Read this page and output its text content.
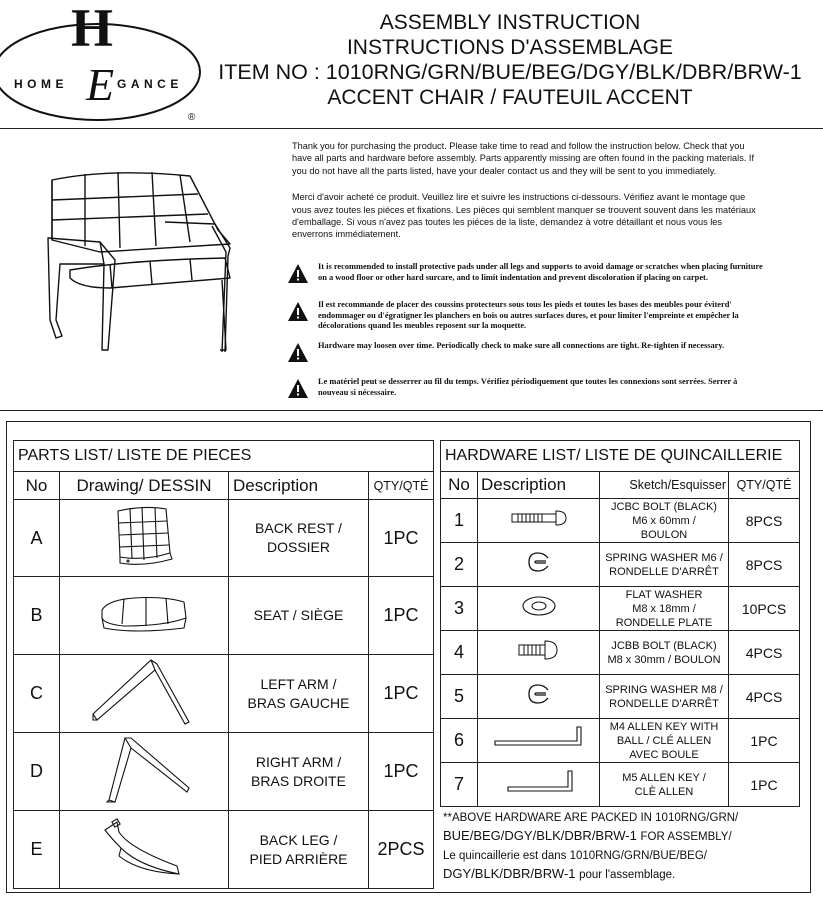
H
E
HOME	GANCE
®
ASSEMBLY INSTRUCTION
INSTRUCTIONS D'ASSEMBLAGE
ITEM NO : 1010RNG/GRN/BUE/BEG/DGY/BLK/DBR/BRW-1
ACCENT CHAIR / FAUTEUIL ACCENT

Thank you for purchasing the product. Please take time to read and follow the instruction below. Check that you have all parts and hardware before assembly. Parts apparently missing are often found in the packing materials. If you do not have all the parts listed, have your dealer contact us and they will be sent to you immediately.

Merci d'avoir acheté ce produit. Veuillez lire et suivre les instructions ci-dessours. Vérifiez avant le montage que vous avez toutes les piéces et fixations. Les pièces qui semblent manquer se trouvent souvent dans les matériaux d'emballage. Si vous n'avez pas toutes les piéces de la liste, demandez à votre détaillant et nous vous les enverrons immédiatement.

It is recommended to install protective pads under all legs and supports to avoid damage or scratches when placing furniture on a wood floor or other hard surcare, and to limit indentation and prevent discoloration if placing on carpet.
Il est recommande de placer des coussins protecteurs sous tous les pieds et toutes les bases des meubles pour éviterd' endommager ou d'égratigner les planchers en bois ou autres surfaces dures, et pour limiter l'empreinte et empêcher la décolorations quand les meubles reposent sur la moquette.
Hardware may loosen over time. Periodically check to make sure all connections are tight. Re-tighten if necessary.
Le matériel peut se desserrer au fil du temps. Vérifiez périodiquement que toutes les connexions sont serrées. Serrer à nouveau si nécessaire.
PARTS LIST/ LISTE DE PIECES			
No	Drawing/ DESSIN	Description	QTY/QTÉ
A		BACK REST /
DOSSIER	1PC
B		SEAT / SIÈGE	1PC
C		LEFT ARM /
BRAS GAUCHE	1PC
D		RIGHT ARM /
BRAS DROITE	1PC
E		BACK LEG /
PIED ARRIÈRE	2PCS
HARDWARE LIST/ LISTE DE QUINCAILLERIE			
No	Description	Sketch/Esquisser	QTY/QTÉ
1		JCBC BOLT (BLACK)
M6 x 60mm /
BOULON	8PCS
2		SPRING WASHER M6 /
RONDELLE D'ARRÊT	8PCS
3		FLAT WASHER
M8 x 18mm /
RONDELLE PLATE	10PCS
4		JCBB BOLT (BLACK)
M8 x 30mm / BOULON	4PCS
5		SPRING WASHER M8 /
RONDELLE D'ARRÊT	4PCS
6		M4 ALLEN KEY WITH
BALL / CLÉ ALLEN
AVEC BOULE	1PC
7		M5 ALLEN KEY /
CLÈ ALLEN	1PC
**ABOVE HARDWARE ARE PACKED IN 1010RNG/GRN/
BUE/BEG/DGY/BLK/DBR/BRW-1 FOR ASSEMBLY/
Le quincaillerie est dans 1010RNG/GRN/BUE/BEG/
DGY/BLK/DBR/BRW-1 pour l'assemblage.
